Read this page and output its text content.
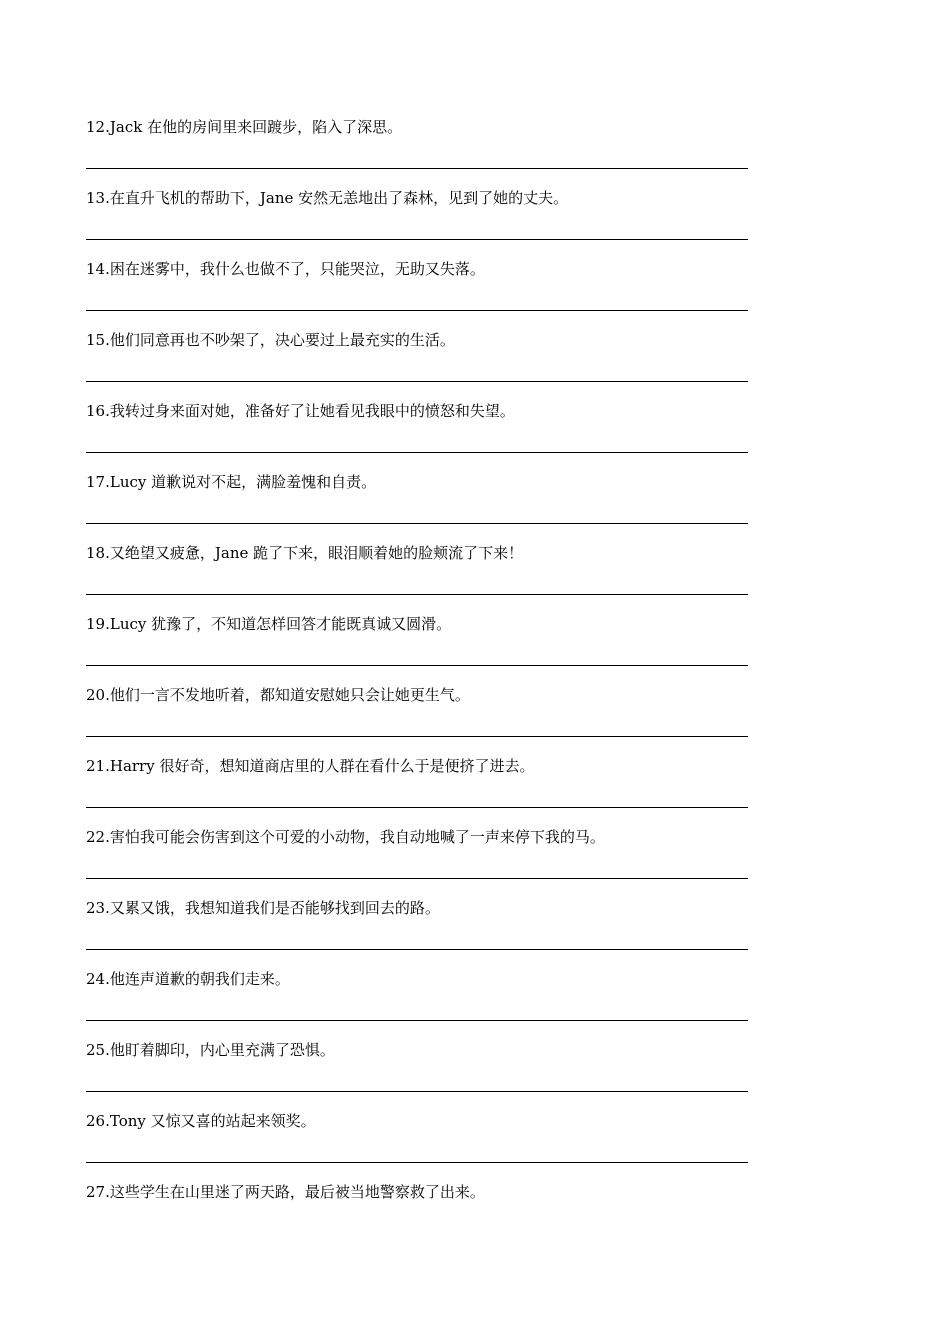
12.Jack 在他的房间里来回踱步，陷入了深思。
13.在直升飞机的帮助下，Jane 安然无恙地出了森林，见到了她的丈夫。
14.困在迷雾中，我什么也做不了，只能哭泣，无助又失落。
15.他们同意再也不吵架了，决心要过上最充实的生活。
16.我转过身来面对她，准备好了让她看见我眼中的愤怒和失望。
17.Lucy 道歉说对不起，满脸羞愧和自责。
18.又绝望又疲惫，Jane 跪了下来，眼泪顺着她的脸颊流了下来！
19.Lucy 犹豫了，不知道怎样回答才能既真诚又圆滑。
20.他们一言不发地听着，都知道安慰她只会让她更生气。
21.Harry 很好奇，想知道商店里的人群在看什么于是便挤了进去。
22.害怕我可能会伤害到这个可爱的小动物，我自动地喊了一声来停下我的马。
23.又累又饿，我想知道我们是否能够找到回去的路。
24.他连声道歉的朝我们走来。
25.他盯着脚印，内心里充满了恐惧。
26.Tony 又惊又喜的站起来领奖。
27.这些学生在山里迷了两天路，最后被当地警察救了出来。
